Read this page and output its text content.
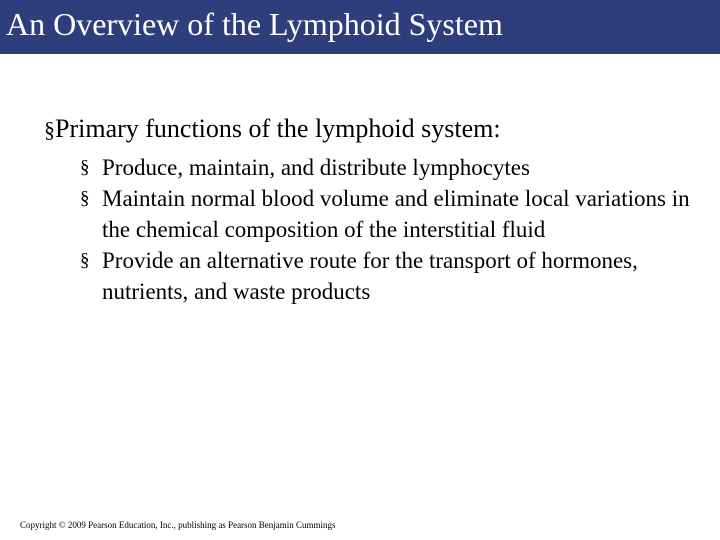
An Overview of the Lymphoid System
§Primary functions of the lymphoid system:

§ Produce, maintain, and distribute lymphocytes

§ Maintain normal blood volume and eliminate local variations in the chemical composition of the interstitial fluid

§ Provide an alternative route for the transport of hormones, nutrients, and waste products

Copyright © 2009 Pearson Education, Inc., publishing as Pearson Benjamin Cummings
